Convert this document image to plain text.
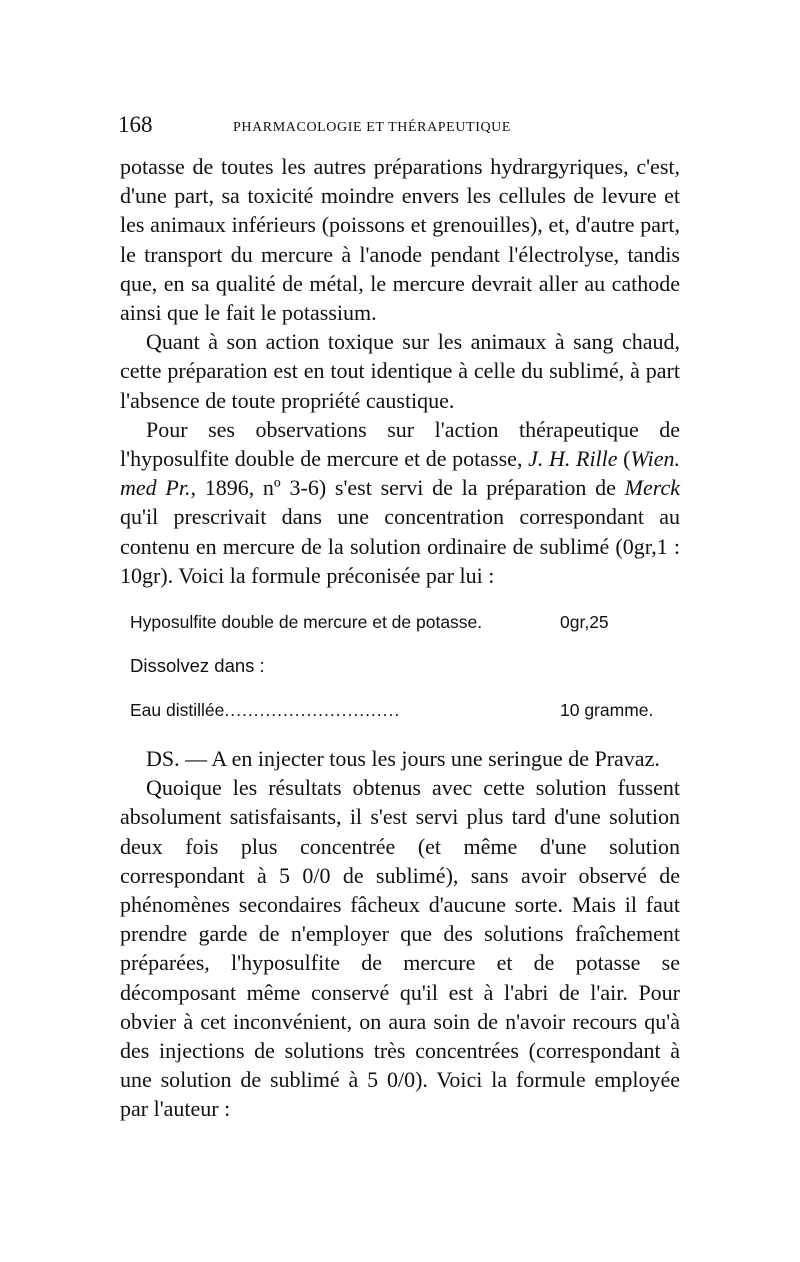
168	PHARMACOLOGIE ET THÉRAPEUTIQUE

potasse de toutes les autres préparations hydrargyriques, c'est, d'une part, sa toxicité moindre envers les cellules de levure et les animaux inférieurs (poissons et grenouilles), et, d'autre part, le transport du mercure à l'anode pendant l'électrolyse, tandis que, en sa qualité de métal, le mercure devrait aller au cathode ainsi que le fait le potassium.

Quant à son action toxique sur les animaux à sang chaud, cette préparation est en tout identique à celle du sublimé, à part l'absence de toute propriété caustique.

Pour ses observations sur l'action thérapeutique de l'hyposulfite double de mercure et de potasse, J. H. Rille (Wien. med Pr., 1896, nº 3-6) s'est servi de la préparation de Merck qu'il prescrivait dans une concentration correspondant au contenu en mercure de la solution ordinaire de sublimé (0gr,1 : 10gr). Voici la formule préconisée par lui :

Hyposulfite double de mercure et de potasse.	0gr,25
Dissolvez dans :
Eau distillée ..............................	10 gramme.

DS. — A en injecter tous les jours une seringue de Pravaz.

Quoique les résultats obtenus avec cette solution fussent absolument satisfaisants, il s'est servi plus tard d'une solution deux fois plus concentrée (et même d'une solution correspondant à 5 0/0 de sublimé), sans avoir observé de phénomènes secondaires fâcheux d'aucune sorte. Mais il faut prendre garde de n'employer que des solutions fraîchement préparées, l'hyposulfite de mercure et de potasse se décomposant même conservé qu'il est à l'abri de l'air. Pour obvier à cet inconvénient, on aura soin de n'avoir recours qu'à des injections de solutions très concentrées (correspondant à une solution de sublimé à 5 0/0). Voici la formule employée par l'auteur :
